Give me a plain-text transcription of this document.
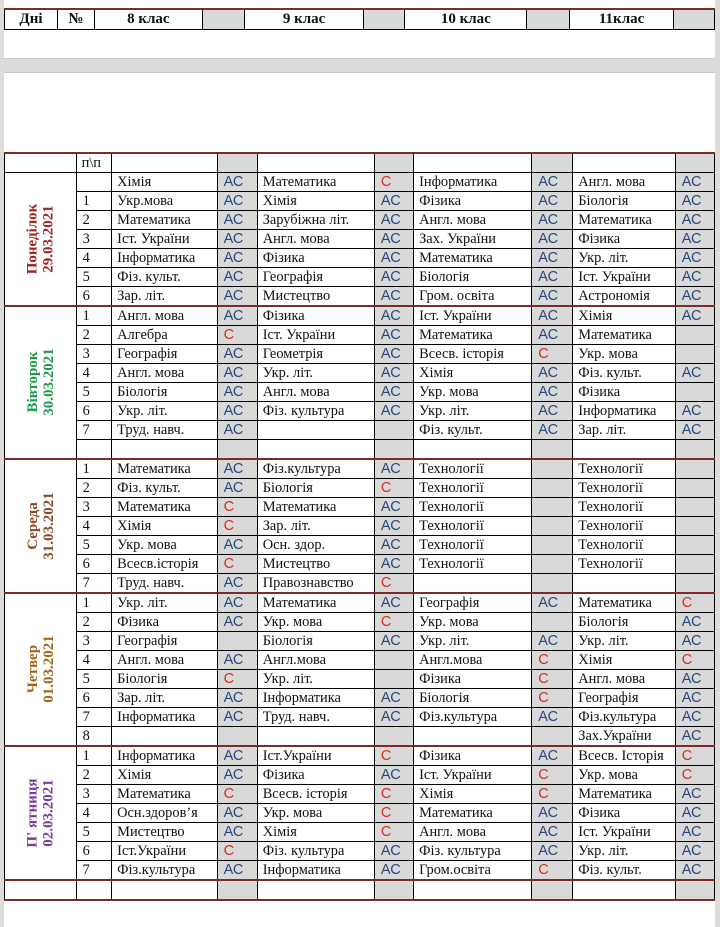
Дні	№	8 клас		9 клас		10 клас		11клас	
	п\п								

Понеділок 29.03.2021		Хімія	АС	Математика	С	Інформатика	АС	Англ. мова	АС
	1	Укр.мова	АС	Хімія	АС	Фізика	АС	Біологія	АС
	2	Математика	АС	Зарубіжна літ.	АС	Англ. мова	АС	Математика	АС
	3	Іст. України	АС	Англ. мова	АС	Зах. України	АС	Фізика	АС
	4	Інформатика	АС	Фізика	АС	Математика	АС	Укр. літ.	АС
	5	Фіз. культ.	АС	Географія	АС	Біологія	АС	Іст. України	АС
	6	Зар. літ.	АС	Мистецтво	АС	Гром. освіта	АС	Астрономія	АС

Вівторок 30.03.2021	1	Англ. мова	АС	Фізика	АС	Іст. України	АС	Хімія	АС
	2	Алгебра	С	Іст. України	АС	Математика	АС	Математика	
	3	Географія	АС	Геометрія	АС	Всесв. історія	С	Укр. мова	
	4	Англ. мова	АС	Укр. літ.	АС	Хімія	АС	Фіз. культ.	АС
	5	Біологія	АС	Англ. мова	АС	Укр. мова	АС	Фізика	
	6	Укр. літ.	АС	Фіз. культура	АС	Укр. літ.	АС	Інформатика	АС
	7	Труд. навч.	АС			Фіз. культ.	АС	Зар. літ.	АС

Середа 31.03.2021	1	Математика	АС	Фіз.культура	АС	Технології		Технології	
	2	Фіз. культ.	АС	Біологія	С	Технології		Технології	
	3	Математика	С	Математика	АС	Технології		Технології	
	4	Хімія	С	Зар. літ.	АС	Технології		Технології	
	5	Укр. мова	АС	Осн. здор.	АС	Технології		Технології	
	6	Всесв.історія	С	Мистецтво	АС	Технології		Технології	
	7	Труд. навч.	АС	Правознавство	С				

Четвер 01.03.2021	1	Укр. літ.	АС	Математика	АС	Географія	АС	Математика	С
	2	Фізика	АС	Укр. мова	С	Укр. мова		Біологія	АС
	3	Географія		Біологія	АС	Укр. літ.	АС	Укр. літ.	АС
	4	Англ. мова	АС	Англ.мова		Англ.мова	С	Хімія	С
	5	Біологія	С	Укр. літ.		Фізика	С	Англ. мова	АС
	6	Зар. літ.	АС	Інформатика	АС	Біологія	С	Географія	АС
	7	Інформатика	АС	Труд. навч.	АС	Фіз.культура	АС	Фіз.культура	АС
	8							Зах.України	АС

П' ятниця 02.03.2021	1	Інформатика	АС	Іст.України	С	Фізика	АС	Всесв. Історія	С
	2	Хімія	АС	Фізика	АС	Іст. України	С	Укр. мова	С
	3	Математика	С	Всесв. історія	С	Хімія	С	Математика	АС
	4	Осн.здоров’я	АС	Укр. мова	С	Математика	АС	Фізика	АС
	5	Мистецтво	АС	Хімія	С	Англ. мова	АС	Іст. України	АС
	6	Іст.України	С	Фіз. культура	АС	Фіз. культура	АС	Укр. літ.	АС
	7	Фіз.культура	АС	Інформатика	АС	Гром.освіта	С	Фіз. культ.	АС
